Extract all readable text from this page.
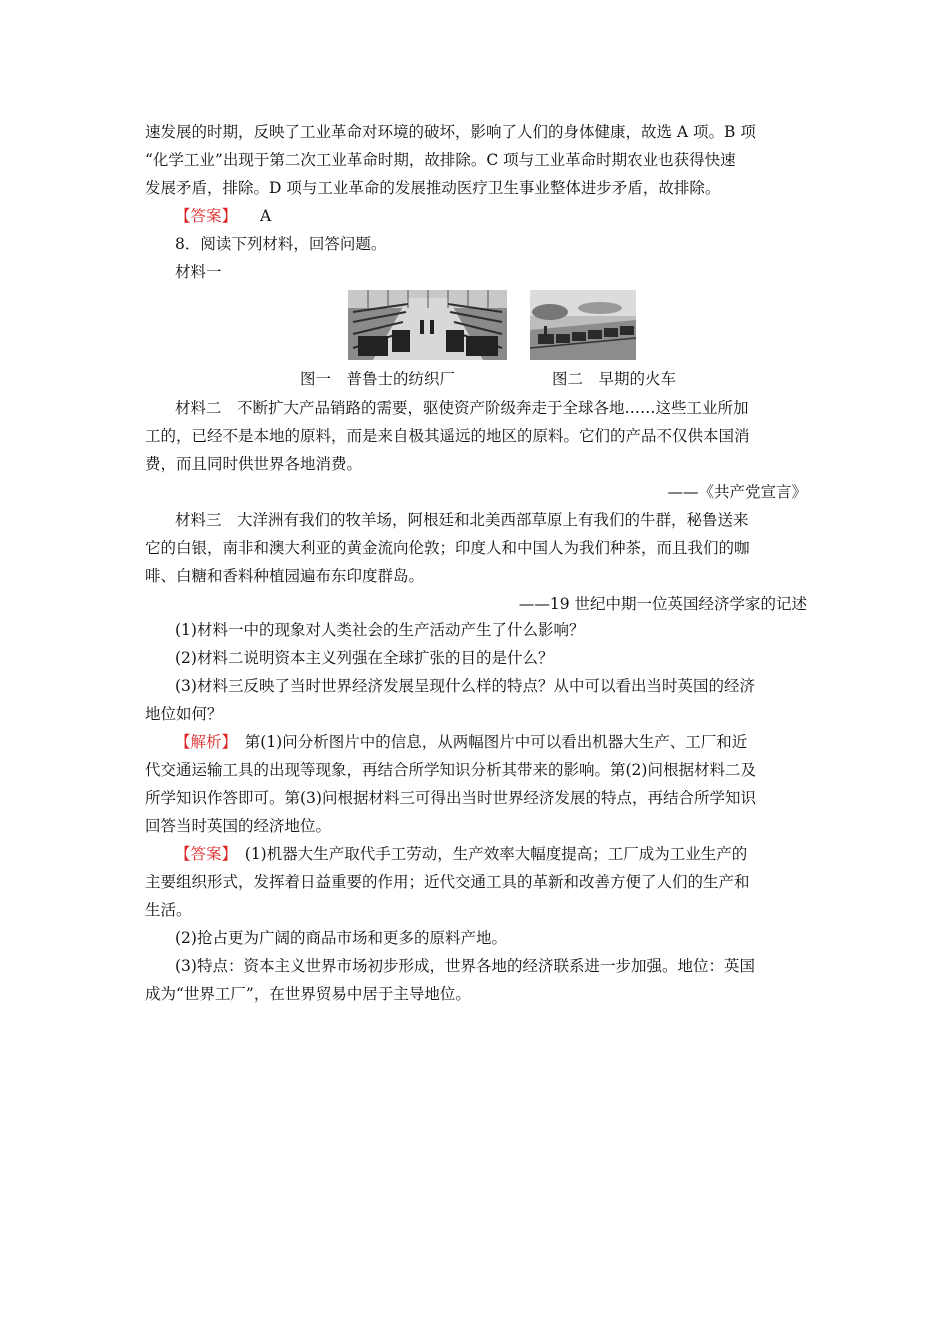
速发展的时期，反映了工业革命对环境的破坏，影响了人们的身体健康，故选 A 项。B 项
“化学工业”出现于第二次工业革命时期，故排除。C 项与工业革命时期农业也获得快速
发展矛盾，排除。D 项与工业革命的发展推动医疗卫生事业整体进步矛盾，故排除。
【答案】 A
8．阅读下列材料，回答问题。
材料一
图一　普鲁士的纺织厂	图二　早期的火车
材料二　不断扩大产品销路的需要，驱使资产阶级奔走于全球各地……这些工业所加
工的，已经不是本地的原料，而是来自极其遥远的地区的原料。它们的产品不仅供本国消
费，而且同时供世界各地消费。
——《共产党宣言》
材料三　大洋洲有我们的牧羊场，阿根廷和北美西部草原上有我们的牛群，秘鲁送来
它的白银，南非和澳大利亚的黄金流向伦敦；印度人和中国人为我们种茶，而且我们的咖
啡、白糖和香料种植园遍布东印度群岛。
——19 世纪中期一位英国经济学家的记述
(1)材料一中的现象对人类社会的生产活动产生了什么影响？
(2)材料二说明资本主义列强在全球扩张的目的是什么？
(3)材料三反映了当时世界经济发展呈现什么样的特点？从中可以看出当时英国的经济
地位如何？
【解析】　第(1)问分析图片中的信息，从两幅图片中可以看出机器大生产、工厂和近
代交通运输工具的出现等现象，再结合所学知识分析其带来的影响。第(2)问根据材料二及
所学知识作答即可。第(3)问根据材料三可得出当时世界经济发展的特点，再结合所学知识
回答当时英国的经济地位。
【答案】　(1)机器大生产取代手工劳动，生产效率大幅度提高；工厂成为工业生产的
主要组织形式，发挥着日益重要的作用；近代交通工具的革新和改善方便了人们的生产和
生活。
(2)抢占更为广阔的商品市场和更多的原料产地。
(3)特点：资本主义世界市场初步形成，世界各地的经济联系进一步加强。地位：英国
成为“世界工厂”，在世界贸易中居于主导地位。
